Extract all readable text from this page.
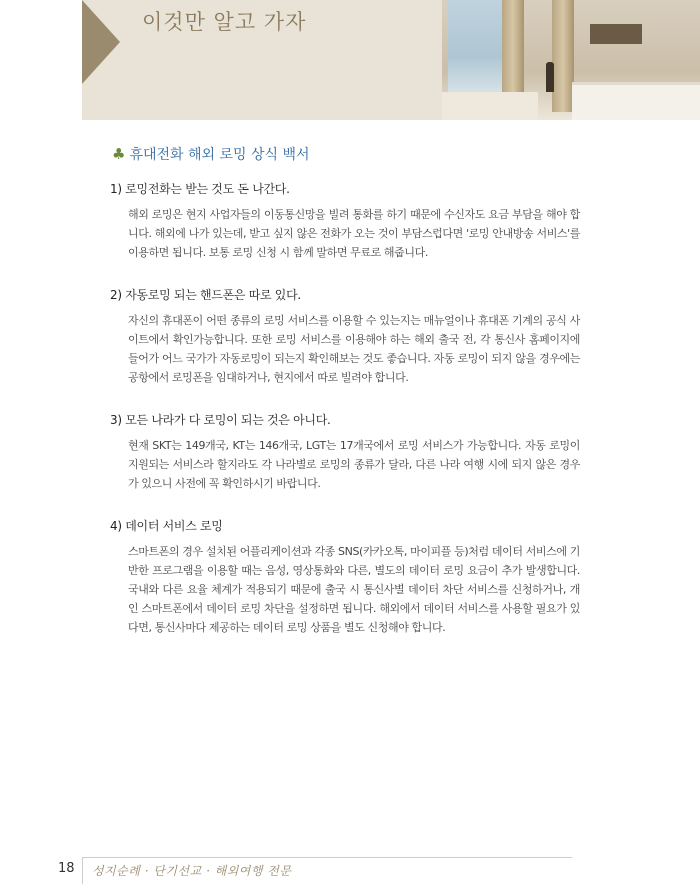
이것만 알고 가자
♣ 휴대전화 해외 로밍 상식 백서
1) 로밍전화는 받는 것도 돈 나간다.
해외 로밍은 현지 사업자들의 이동통신망을 빌려 통화를 하기 때문에 수신자도 요금 부담을 해야 합니다. 해외에 나가 있는데, 받고 싶지 않은 전화가 오는 것이 부담스럽다면 '로밍 안내방송 서비스'를 이용하면 됩니다. 보통 로밍 신청 시 함께 말하면 무료로 해줍니다.
2) 자동로밍 되는 핸드폰은 따로 있다.
자신의 휴대폰이 어떤 종류의 로밍 서비스를 이용할 수 있는지는 매뉴얼이나 휴대폰 기계의 공식 사이트에서 확인가능합니다. 또한 로밍 서비스를 이용해야 하는 해외 출국 전, 각 통신사 홈페이지에 들어가 어느 국가가 자동로밍이 되는지 확인해보는 것도 좋습니다. 자동 로밍이 되지 않을 경우에는 공항에서 로밍폰을 임대하거나, 현지에서 따로 빌려야 합니다.
3) 모든 나라가 다 로밍이 되는 것은 아니다.
현재 SKT는 149개국, KT는 146개국, LGT는 17개국에서 로밍 서비스가 가능합니다. 자동 로밍이 지원되는 서비스라 할지라도 각 나라별로 로밍의 종류가 달라, 다른 나라 여행 시에 되지 않은 경우가 있으니 사전에 꼭 확인하시기 바랍니다.
4) 데이터 서비스 로밍
스마트폰의 경우 설치된 어플리케이션과 각종 SNS(카카오톡, 마이피플 등)처럼 데이터 서비스에 기반한 프로그램을 이용할 때는 음성, 영상통화와 다른, 별도의 데이터 로밍 요금이 추가 발생합니다. 국내와 다른 요율 체계가 적용되기 때문에 출국 시 통신사별 데이터 차단 서비스를 신청하거나, 개인 스마트폰에서 데이터 로밍 차단을 설정하면 됩니다. 해외에서 데이터 서비스를 사용할 필요가 있다면, 통신사마다 제공하는 데이터 로밍 상품을 별도 신청해야 합니다.
18 성지순례 · 단기선교 · 해외여행 전문
